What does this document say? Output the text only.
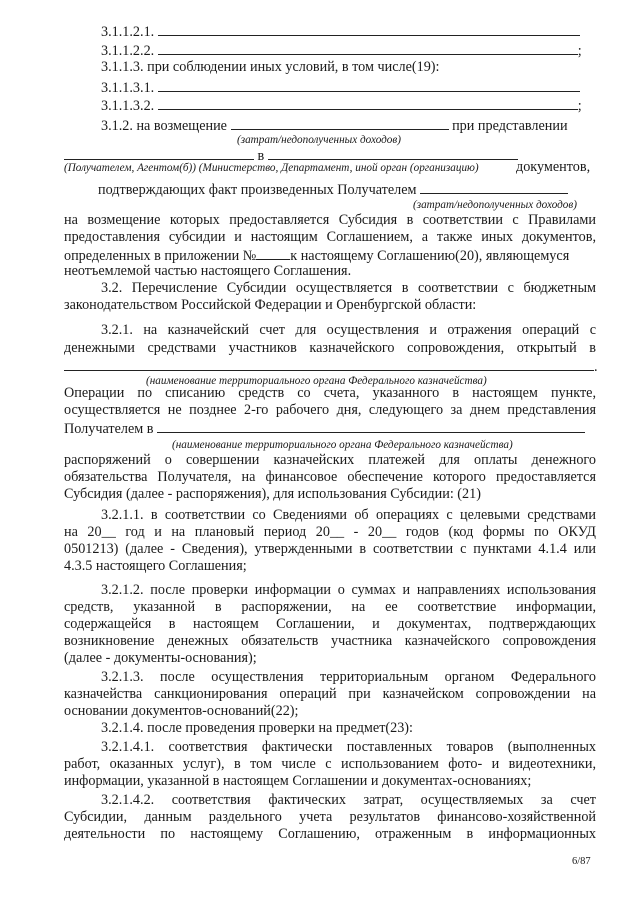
3.1.1.2.1.
3.1.1.2.2.	;
3.1.1.3. при соблюдении иных условий, в том числе(19):
3.1.1.3.1.
3.1.1.3.2.	;
3.1.2. на возмещение	при представлении
(затрат/недополученных доходов)
в
(Получателем, Агентом(б)) (Министерство, Департамент, иной орган (организацию)	документов,
подтверждающих факт произведенных Получателем
(затрат/недополученных доходов)
на возмещение которых предоставляется Субсидия в соответствии с Правилами
предоставления субсидии и настоящим Соглашением, а также иных документов,
определенных в приложении № к настоящему Соглашению(20), являющемуся
неотъемлемой частью настоящего Соглашения.
3.2. Перечисление Субсидии осуществляется в соответствии с бюджетным
законодательством Российской Федерации и Оренбургской области:
3.2.1. на казначейский счет для осуществления и отражения операций с
денежными средствами участников казначейского сопровождения, открытый в
.
(наименование территориального органа Федерального казначейства)
Операции по списанию средств со счета, указанного в настоящем пункте,
осуществляется не позднее 2-го рабочего дня, следующего за днем представления
Получателем в
(наименование территориального органа Федерального казначейства)
распоряжений о совершении казначейских платежей для оплаты денежного
обязательства Получателя, на финансовое обеспечение которого предоставляется
Субсидия (далее - распоряжения), для использования Субсидии: (21)
3.2.1.1. в соответствии со Сведениями об операциях с целевыми средствами
на 20__ год и на плановый период 20__ - 20__ годов (код формы по ОКУД
0501213) (далее - Сведения), утвержденными в соответствии с пунктами 4.1.4 или
4.3.5 настоящего Соглашения;
3.2.1.2. после проверки информации о суммах и направлениях использования
средств, указанной в распоряжении, на ее соответствие информации,
содержащейся в настоящем Соглашении, и документах, подтверждающих
возникновение денежных обязательств участника казначейского сопровождения
(далее - документы-основания);
3.2.1.3. после осуществления территориальным органом Федерального
казначейства санкционирования операций при казначейском сопровождении на
основании документов-оснований(22);
3.2.1.4. после проведения проверки на предмет(23):
3.2.1.4.1. соответствия фактически поставленных товаров (выполненных
работ, оказанных услуг), в том числе с использованием фото- и видеотехники,
информации, указанной в настоящем Соглашении и документах-основаниях;
3.2.1.4.2. соответствия фактических затрат, осуществляемых за счет
Субсидии, данным раздельного учета результатов финансово-хозяйственной
деятельности по настоящему Соглашению, отраженным в информационных
6/87
